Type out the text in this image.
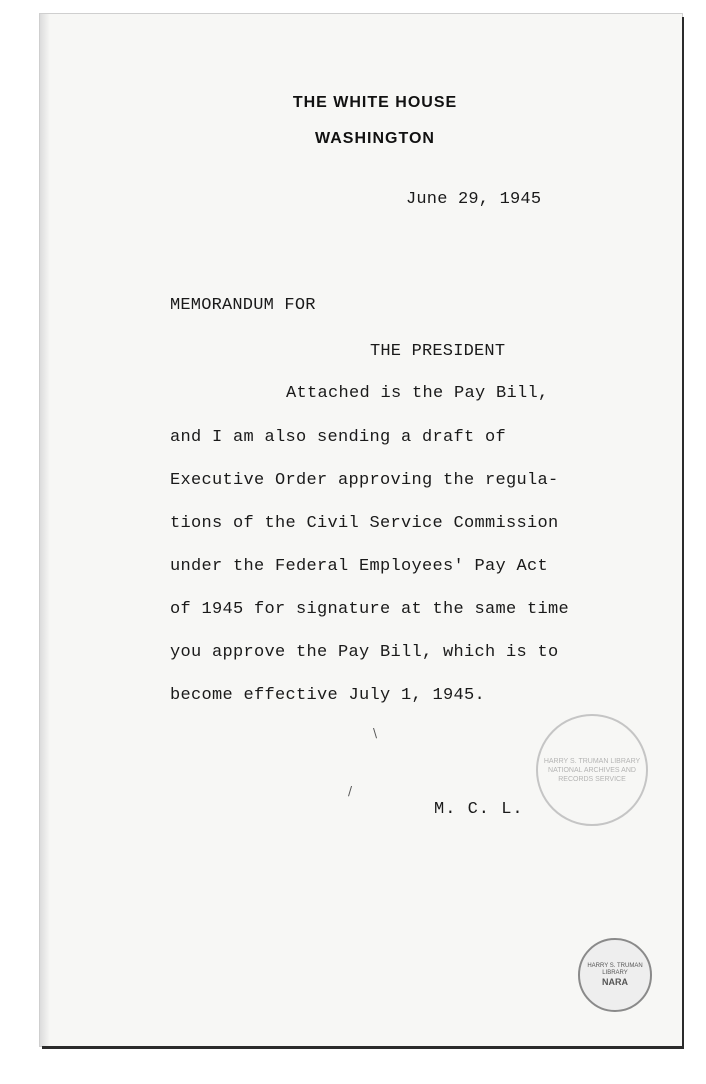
THE WHITE HOUSE
WASHINGTON
June 29, 1945
MEMORANDUM FOR
THE PRESIDENT
Attached is the Pay Bill,
and I am also sending a draft of
Executive Order approving the regula-
tions of the Civil Service Commission
under the Federal Employees' Pay Act
of 1945 for signature at the same time
you approve the Pay Bill, which is to
become effective July 1, 1945.
M. C. L.
\
/
HARRY S. TRUMAN LIBRARY
NATIONAL ARCHIVES AND RECORDS SERVICE
HARRY S. TRUMAN LIBRARY
NARA
